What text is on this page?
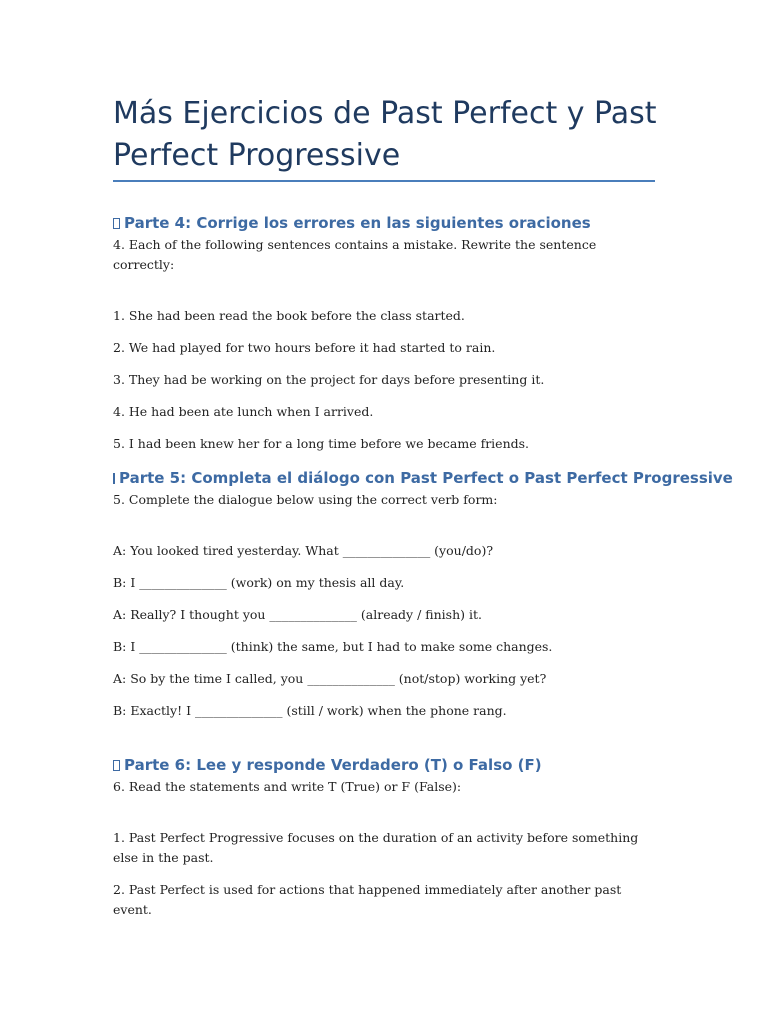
Más Ejercicios de Past Perfect y Past Perfect Progressive
Parte 4: Corrige los errores en las siguientes oraciones

4. Each of the following sentences contains a mistake. Rewrite the sentence correctly:

1. She had been read the book before the class started.

2. We had played for two hours before it had started to rain.

3. They had be working on the project for days before presenting it.

4. He had been ate lunch when I arrived.

5. I had been knew her for a long time before we became friends.

Parte 5: Completa el diálogo con Past Perfect o Past Perfect Progressive

5. Complete the dialogue below using the correct verb form:

A: You looked tired yesterday. What ______________ (you/do)?

B: I ______________ (work) on my thesis all day.

A: Really? I thought you ______________ (already / finish) it.

B: I ______________ (think) the same, but I had to make some changes.

A: So by the time I called, you ______________ (not/stop) working yet?

B: Exactly! I ______________ (still / work) when the phone rang.

Parte 6: Lee y responde Verdadero (T) o Falso (F)

6. Read the statements and write T (True) or F (False):

1. Past Perfect Progressive focuses on the duration of an activity before something else in the past.

2. Past Perfect is used for actions that happened immediately after another past event.
